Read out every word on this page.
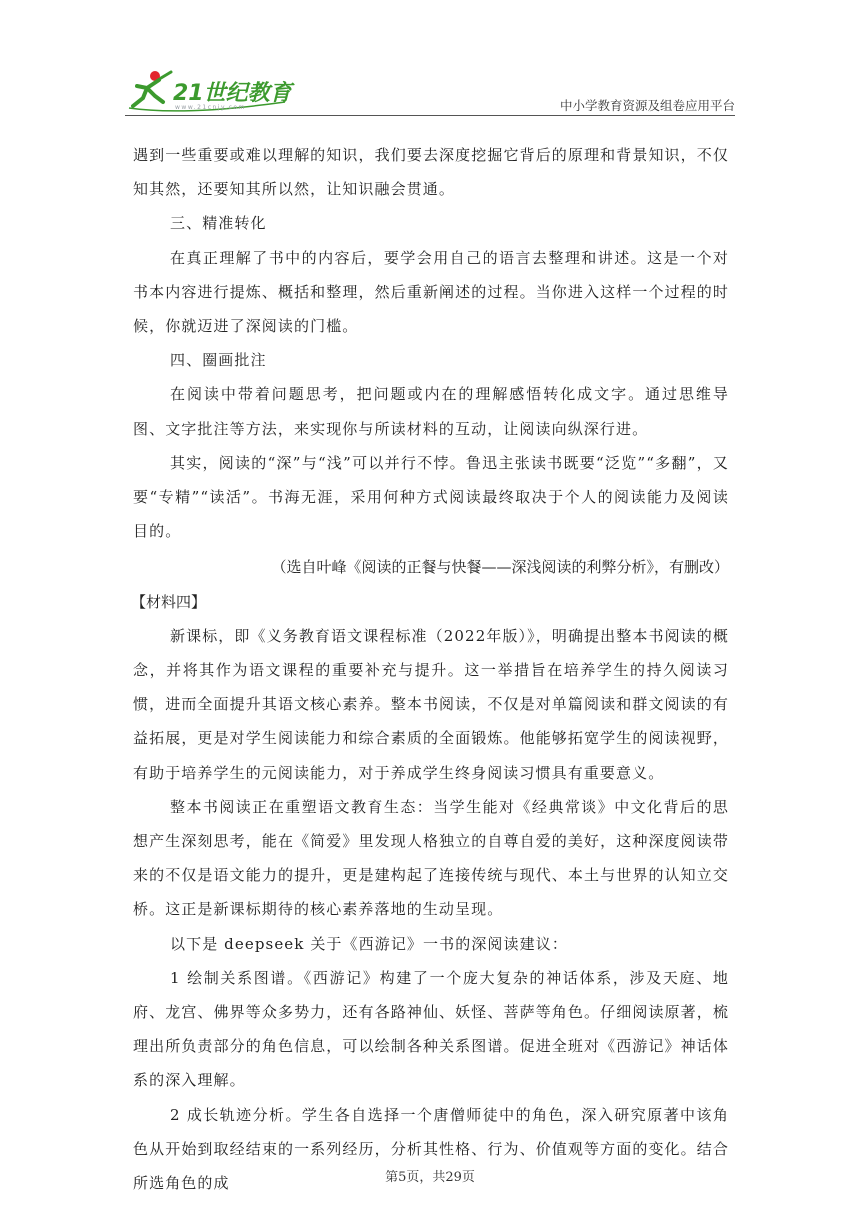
21世纪教育
www.21cnjy.com	中小学教育资源及组卷应用平台

遇到一些重要或难以理解的知识，我们要去深度挖掘它背后的原理和背景知识，不仅知其然，还要知其所以然，让知识融会贯通。

三、精准转化

在真正理解了书中的内容后，要学会用自己的语言去整理和讲述。这是一个对书本内容进行提炼、概括和整理，然后重新阐述的过程。当你进入这样一个过程的时候，你就迈进了深阅读的门槛。

四、圈画批注

在阅读中带着问题思考，把问题或内在的理解感悟转化成文字。通过思维导图、文字批注等方法，来实现你与所读材料的互动，让阅读向纵深行进。

其实，阅读的“深”与“浅”可以并行不悖。鲁迅主张读书既要“泛览”“多翻”，又要“专精”“读活”。书海无涯，采用何种方式阅读最终取决于个人的阅读能力及阅读目的。

（选自叶峰《阅读的正餐与快餐——深浅阅读的利弊分析》，有删改）

【材料四】

新课标，即《义务教育语文课程标准（2022年版）》，明确提出整本书阅读的概念，并将其作为语文课程的重要补充与提升。这一举措旨在培养学生的持久阅读习惯，进而全面提升其语文核心素养。整本书阅读，不仅是对单篇阅读和群文阅读的有益拓展，更是对学生阅读能力和综合素质的全面锻炼。他能够拓宽学生的阅读视野，有助于培养学生的元阅读能力，对于养成学生终身阅读习惯具有重要意义。

整本书阅读正在重塑语文教育生态：当学生能对《经典常谈》中文化背后的思想产生深刻思考，能在《简爱》里发现人格独立的自尊自爱的美好，这种深度阅读带来的不仅是语文能力的提升，更是建构起了连接传统与现代、本土与世界的认知立交桥。这正是新课标期待的核心素养落地的生动呈现。

以下是 deepseek 关于《西游记》一书的深阅读建议：

1 绘制关系图谱。《西游记》构建了一个庞大复杂的神话体系，涉及天庭、地府、龙宫、佛界等众多势力，还有各路神仙、妖怪、菩萨等角色。仔细阅读原著，梳理出所负责部分的角色信息，可以绘制各种关系图谱。促进全班对《西游记》神话体系的深入理解。

2 成长轨迹分析。学生各自选择一个唐僧师徒中的角色，深入研究原著中该角色从开始到取经结束的一系列经历，分析其性格、行为、价值观等方面的变化。结合所选角色的成	第5页，共29页
